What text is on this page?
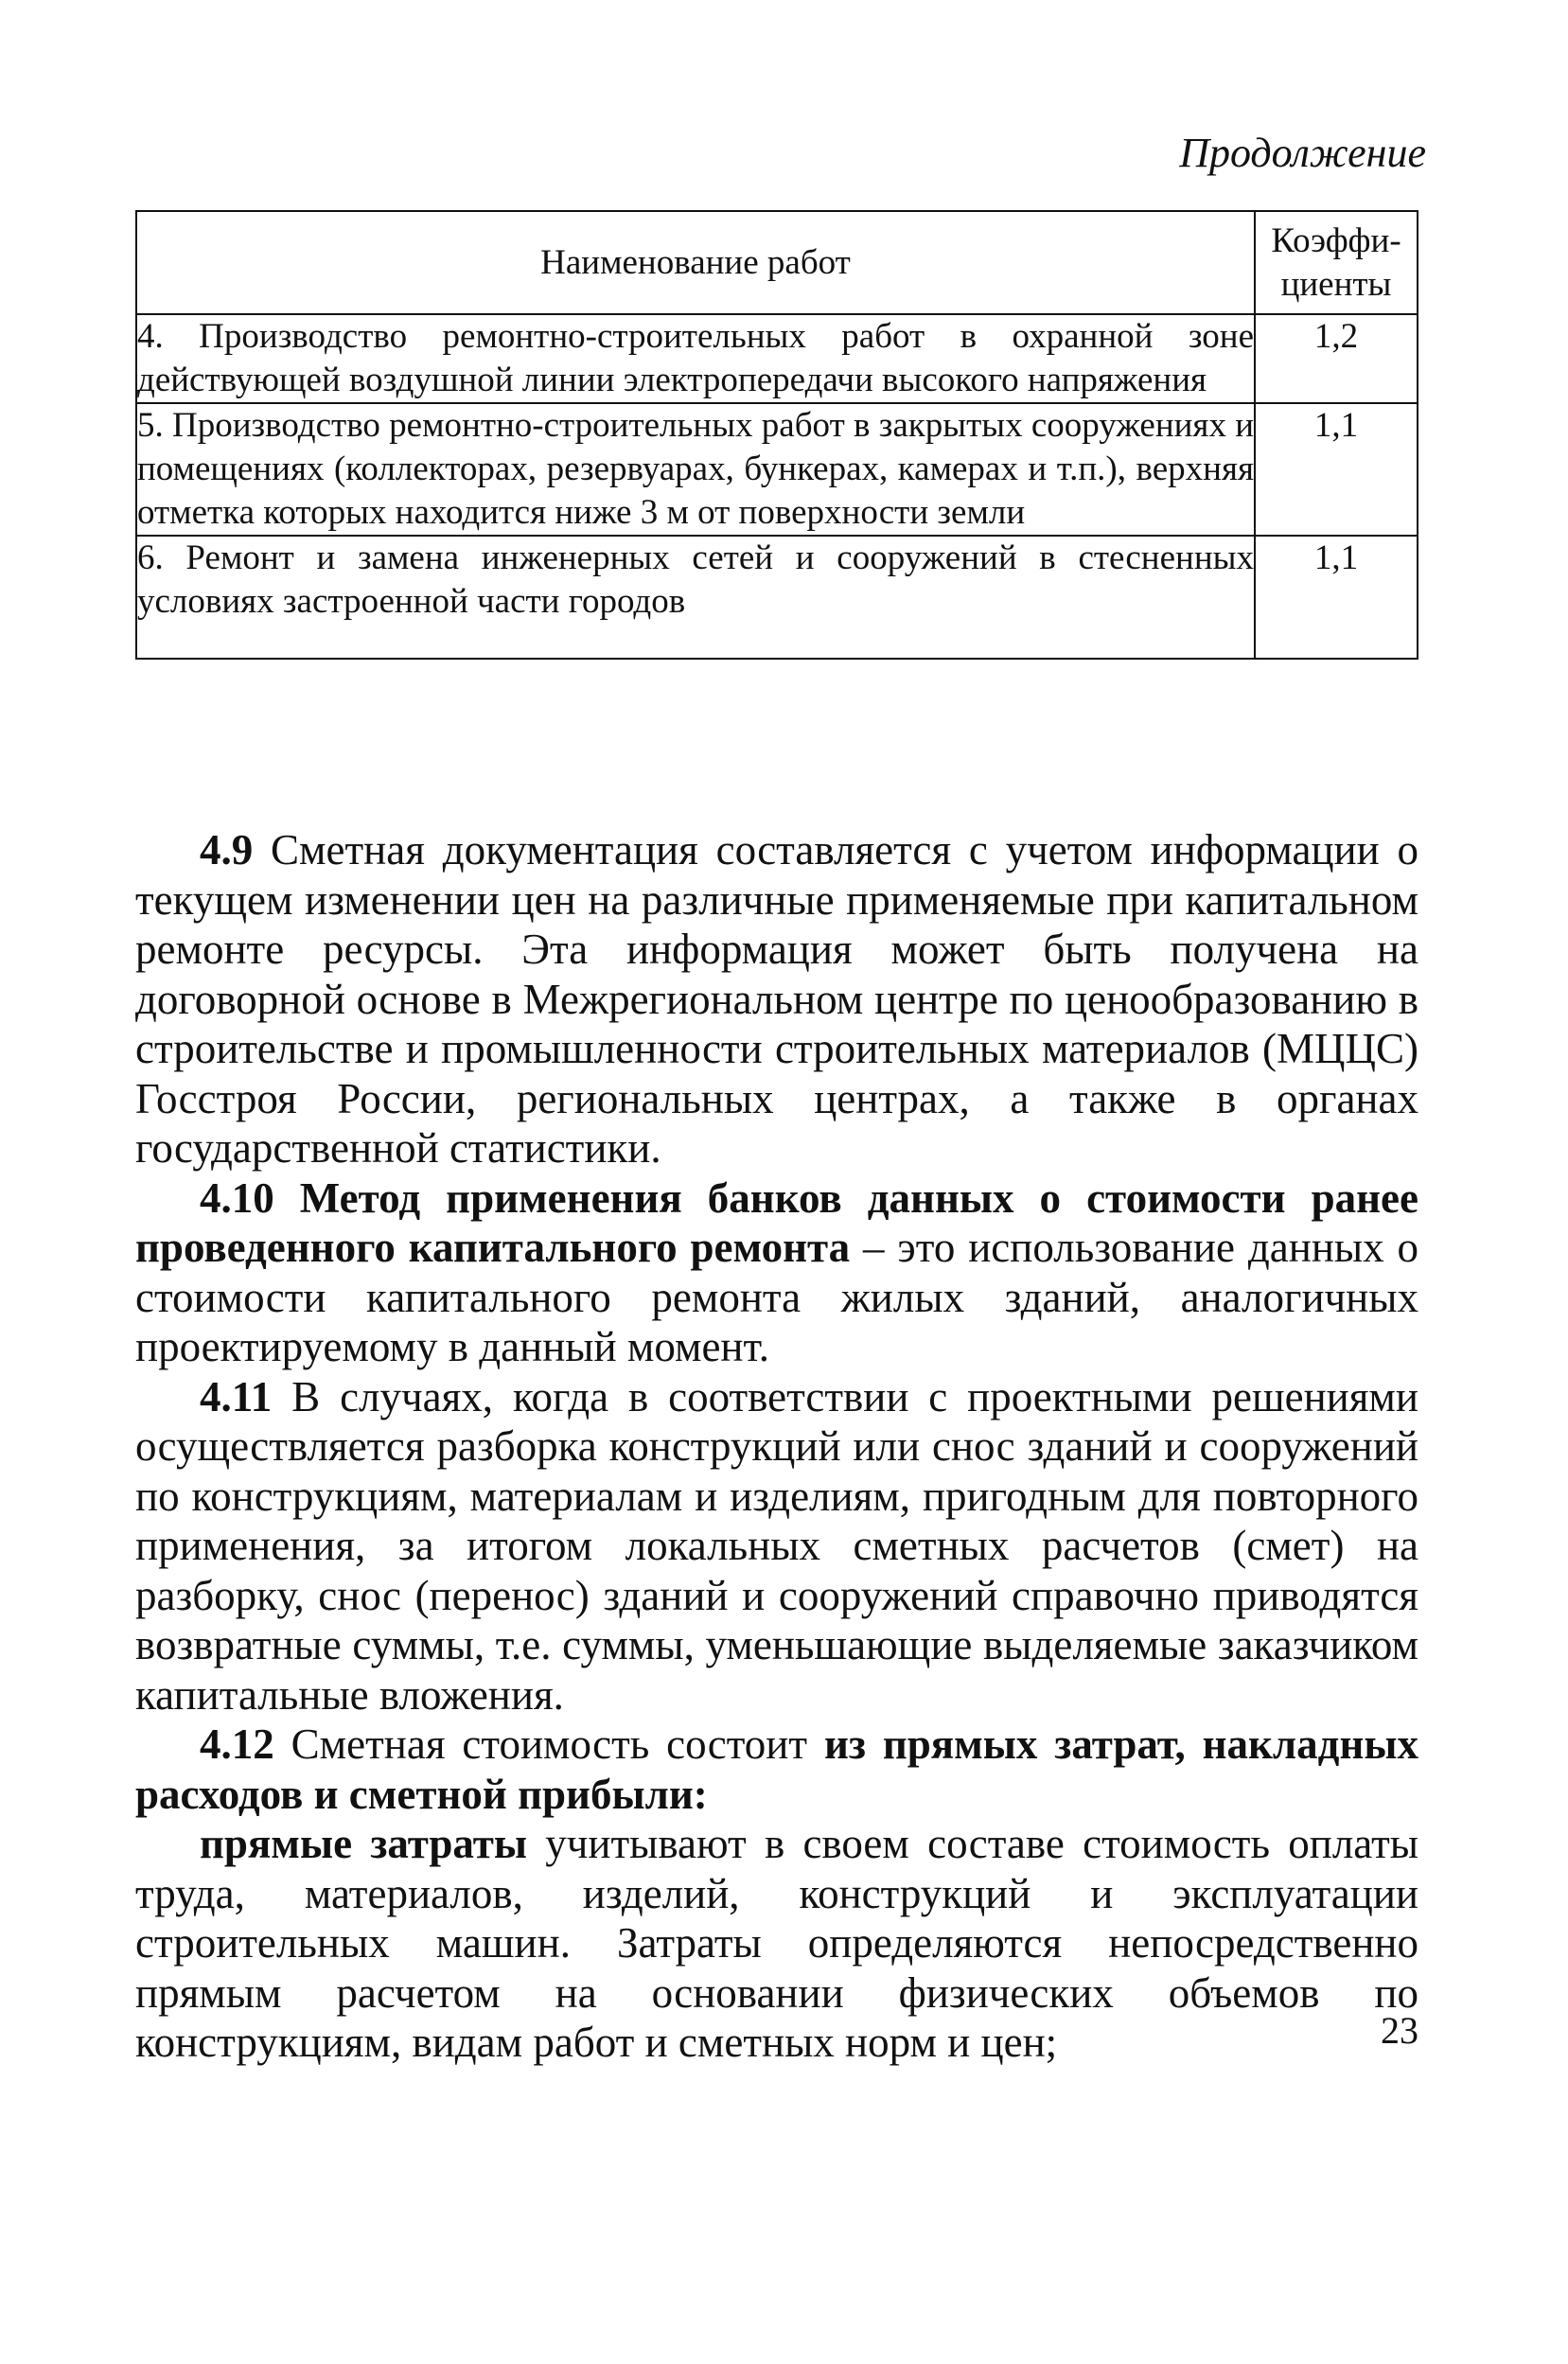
Продолжение
Наименование работ	Коэффи-
циенты
4. Производство ремонтно-строительных работ в охранной зоне действующей воздушной линии электропередачи высокого напряжения	1,2
5. Производство ремонтно-строительных работ в закрытых сооружениях и помещениях (коллекторах, резервуарах, бункерах, камерах и т.п.), верхняя отметка которых находится ниже 3 м от поверхности земли	1,1
6. Ремонт и замена инженерных сетей и сооружений в стесненных условиях застроенной части городов	1,1

4.9 Сметная документация составляется с учетом информации о текущем изменении цен на различные применяемые при капитальном ремонте ресурсы. Эта информация может быть получена на договорной основе в Межрегиональном центре по ценообразованию в строительстве и промышленности строительных материалов (МЦЦС) Госстроя России, региональных центрах, а также в органах государственной статистики.

4.10 Метод применения банков данных о стоимости ранее проведенного капитального ремонта – это использование данных о стоимости капитального ремонта жилых зданий, аналогичных проектируемому в данный момент.

4.11 В случаях, когда в соответствии с проектными решениями осуществляется разборка конструкций или снос зданий и сооружений по конструкциям, материалам и изделиям, пригодным для повторного применения, за итогом локальных сметных расчетов (смет) на разборку, снос (перенос) зданий и сооружений справочно приводятся возвратные суммы, т.е. суммы, уменьшающие выделяемые заказчиком капитальные вложения.

4.12 Сметная стоимость состоит из прямых затрат, накладных расходов и сметной прибыли:

прямые затраты учитывают в своем составе стоимость оплаты труда, материалов, изделий, конструкций и эксплуатации строительных машин. Затраты определяются непосредственно прямым расчетом на основании физических объемов по конструкциям, видам работ и сметных норм и цен;	23
